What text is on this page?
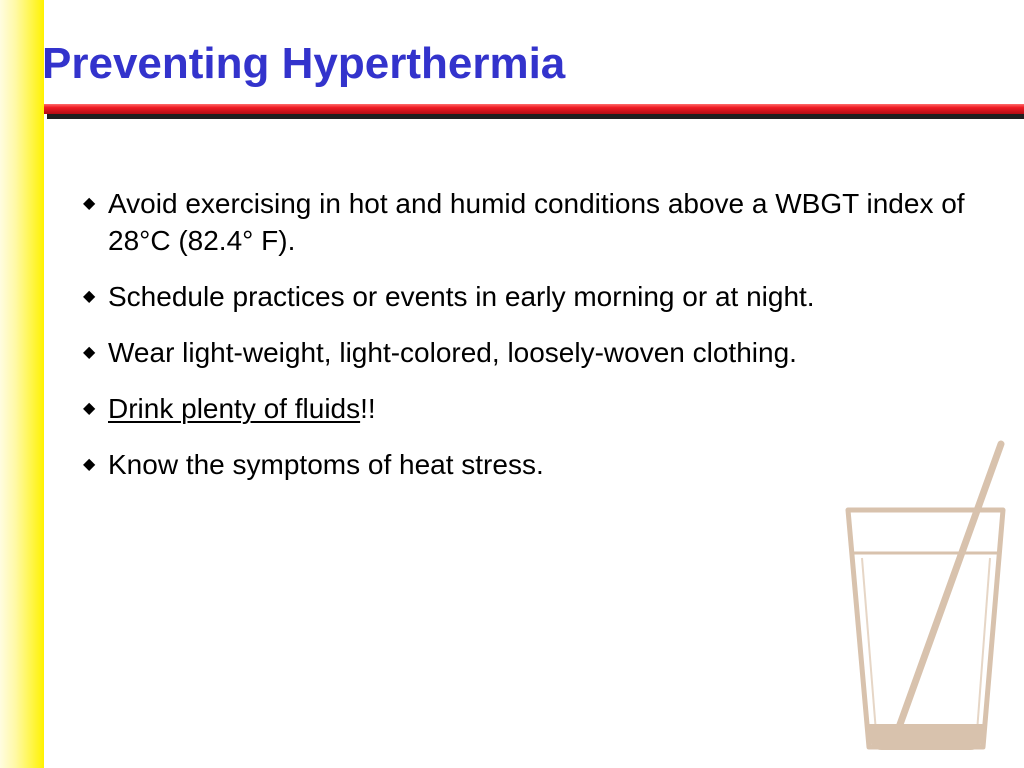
Preventing Hyperthermia
◆ Avoid exercising in hot and humid conditions above a WBGT index of 28°C (82.4° F).
◆ Schedule practices or events in early morning or at night.
◆ Wear light-weight, light-colored, loosely-woven clothing.
◆ Drink plenty of fluids!!
◆ Know the symptoms of heat stress.
